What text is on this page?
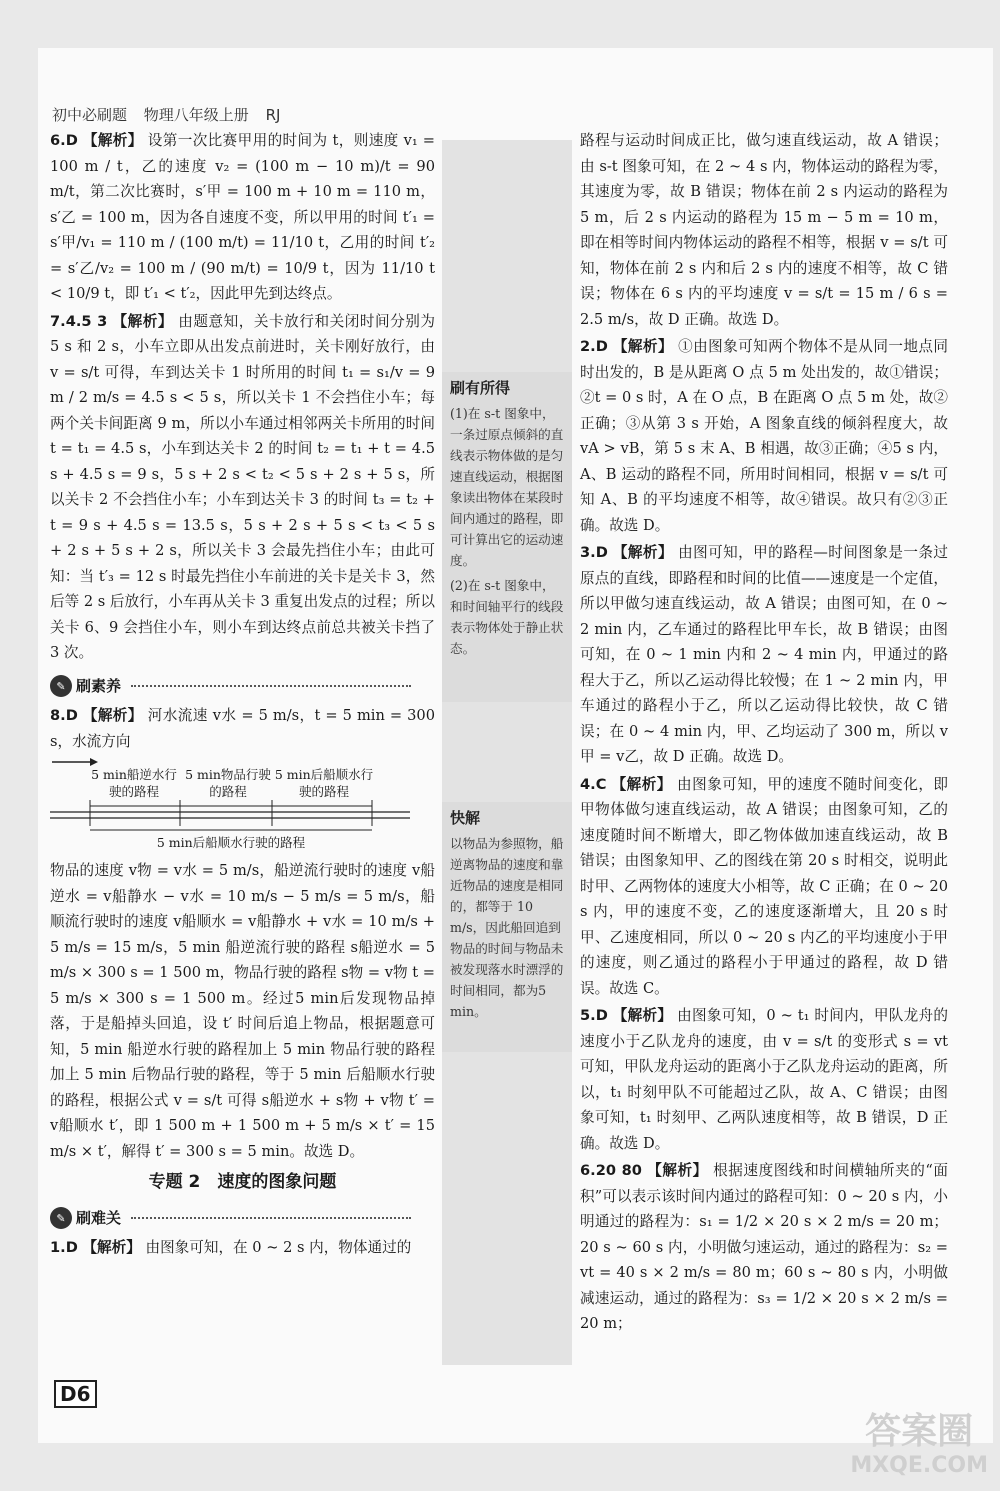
初中必刷题 物理八年级上册 RJ

6.D 【解析】 设第一次比赛甲用的时间为 t，则速度 v₁ = 100 m / t，乙的速度 v₂ = (100 m − 10 m)/t = 90 m/t，第二次比赛时，s′甲 = 100 m + 10 m = 110 m，s′乙 = 100 m，因为各自速度不变，所以甲用的时间 t′₁ = s′甲/v₁ = 110 m / (100 m/t) = 11/10 t，乙用的时间 t′₂ = s′乙/v₂ = 100 m / (90 m/t) = 10/9 t，因为 11/10 t < 10/9 t，即 t′₁ < t′₂，因此甲先到达终点。

7.4.5 3 【解析】 由题意知，关卡放行和关闭时间分别为 5 s 和 2 s，小车立即从出发点前进时，关卡刚好放行，由 v = s/t 可得，车到达关卡 1 时所用的时间 t₁ = s₁/v = 9 m / 2 m/s = 4.5 s < 5 s，所以关卡 1 不会挡住小车；每两个关卡间距离 9 m，所以小车通过相邻两关卡所用的时间 t = t₁ = 4.5 s，小车到达关卡 2 的时间 t₂ = t₁ + t = 4.5 s + 4.5 s = 9 s，5 s + 2 s < t₂ < 5 s + 2 s + 5 s，所以关卡 2 不会挡住小车；小车到达关卡 3 的时间 t₃ = t₂ + t = 9 s + 4.5 s = 13.5 s，5 s + 2 s + 5 s < t₃ < 5 s + 2 s + 5 s + 2 s，所以关卡 3 会最先挡住小车；由此可知：当 t′₃ = 12 s 时最先挡住小车前进的关卡是关卡 3，然后等 2 s 后放行，小车再从关卡 3 重复出发点的过程；所以关卡 6、9 会挡住小车，则小车到达终点前总共被关卡挡了 3 次。

✎ 刷素养

8.D 【解析】 河水流速 v水 = 5 m/s，t = 5 min = 300 s，水流方向

5 min船逆水行驶的路程
5 min物品行驶的路程
5 min后船顺水行驶的路程
5 min后船顺水行驶的路程

物品的速度 v物 = v水 = 5 m/s，船逆流行驶时的速度 v船逆水 = v船静水 − v水 = 10 m/s − 5 m/s = 5 m/s，船顺流行驶时的速度 v船顺水 = v船静水 + v水 = 10 m/s + 5 m/s = 15 m/s，5 min 船逆流行驶的路程 s船逆水 = 5 m/s × 300 s = 1 500 m，物品行驶的路程 s物 = v物 t = 5 m/s × 300 s = 1 500 m。经过5 min后发现物品掉落，于是船掉头回追，设 t′ 时间后追上物品，根据题意可知，5 min 船逆水行驶的路程加上 5 min 物品行驶的路程加上 5 min 后物品行驶的路程，等于 5 min 后船顺水行驶的路程，根据公式 v = s/t 可得 s船逆水 + s物 + v物 t′ = v船顺水 t′，即 1 500 m + 1 500 m + 5 m/s × t′ = 15 m/s × t′，解得 t′ = 300 s = 5 min。故选 D。

专题 2　速度的图象问题
✎ 刷难关

1.D 【解析】 由图象可知，在 0 ~ 2 s 内，物体通过的

刷有所得

(1)在 s-t 图象中，一条过原点倾斜的直线表示物体做的是匀速直线运动，根据图象读出物体在某段时间内通过的路程，即可计算出它的运动速度。

(2)在 s-t 图象中，和时间轴平行的线段表示物体处于静止状态。

快解

以物品为参照物，船逆离物品的速度和靠近物品的速度是相同的，都等于 10 m/s，因此船回追到物品的时间与物品未被发现落水时漂浮的时间相同，都为5 min。

路程与运动时间成正比，做匀速直线运动，故 A 错误；由 s-t 图象可知，在 2 ~ 4 s 内，物体运动的路程为零，其速度为零，故 B 错误；物体在前 2 s 内运动的路程为 5 m，后 2 s 内运动的路程为 15 m − 5 m = 10 m，即在相等时间内物体运动的路程不相等，根据 v = s/t 可知，物体在前 2 s 内和后 2 s 内的速度不相等，故 C 错误；物体在 6 s 内的平均速度 v = s/t = 15 m / 6 s = 2.5 m/s，故 D 正确。故选 D。

2.D 【解析】 ①由图象可知两个物体不是从同一地点同时出发的，B 是从距离 O 点 5 m 处出发的，故①错误；②t = 0 s 时，A 在 O 点，B 在距离 O 点 5 m 处，故②正确；③从第 3 s 开始，A 图象直线的倾斜程度大，故 vA > vB，第 5 s 末 A、B 相遇，故③正确；④5 s 内，A、B 运动的路程不同，所用时间相同，根据 v = s/t 可知 A、B 的平均速度不相等，故④错误。故只有②③正确。故选 D。

3.D 【解析】 由图可知，甲的路程—时间图象是一条过原点的直线，即路程和时间的比值——速度是一个定值，所以甲做匀速直线运动，故 A 错误；由图可知，在 0 ~ 2 min 内，乙车通过的路程比甲车长，故 B 错误；由图可知，在 0 ~ 1 min 内和 2 ~ 4 min 内，甲通过的路程大于乙，所以乙运动得比较慢；在 1 ~ 2 min 内，甲车通过的路程小于乙，所以乙运动得比较快，故 C 错误；在 0 ~ 4 min 内，甲、乙均运动了 300 m，所以 v甲 = v乙，故 D 正确。故选 D。

4.C 【解析】 由图象可知，甲的速度不随时间变化，即甲物体做匀速直线运动，故 A 错误；由图象可知，乙的速度随时间不断增大，即乙物体做加速直线运动，故 B 错误；由图象知甲、乙的图线在第 20 s 时相交，说明此时甲、乙两物体的速度大小相等，故 C 正确；在 0 ~ 20 s 内，甲的速度不变，乙的速度逐渐增大，且 20 s 时甲、乙速度相同，所以 0 ~ 20 s 内乙的平均速度小于甲的速度，则乙通过的路程小于甲通过的路程，故 D 错误。故选 C。

5.D 【解析】 由图象可知，0 ~ t₁ 时间内，甲队龙舟的速度小于乙队龙舟的速度，由 v = s/t 的变形式 s = vt 可知，甲队龙舟运动的距离小于乙队龙舟运动的距离，所以，t₁ 时刻甲队不可能超过乙队，故 A、C 错误；由图象可知，t₁ 时刻甲、乙两队速度相等，故 B 错误，D 正确。故选 D。

6.20 80 【解析】 根据速度图线和时间横轴所夹的“面积”可以表示该时间内通过的路程可知：0 ~ 20 s 内，小明通过的路程为：s₁ = 1/2 × 20 s × 2 m/s = 20 m；20 s ~ 60 s 内，小明做匀速运动，通过的路程为：s₂ = vt = 40 s × 2 m/s = 80 m；60 s ~ 80 s 内，小明做减速运动，通过的路程为：s₃ = 1/2 × 20 s × 2 m/s = 20 m；

D6
答案圈
MXQE.COM
